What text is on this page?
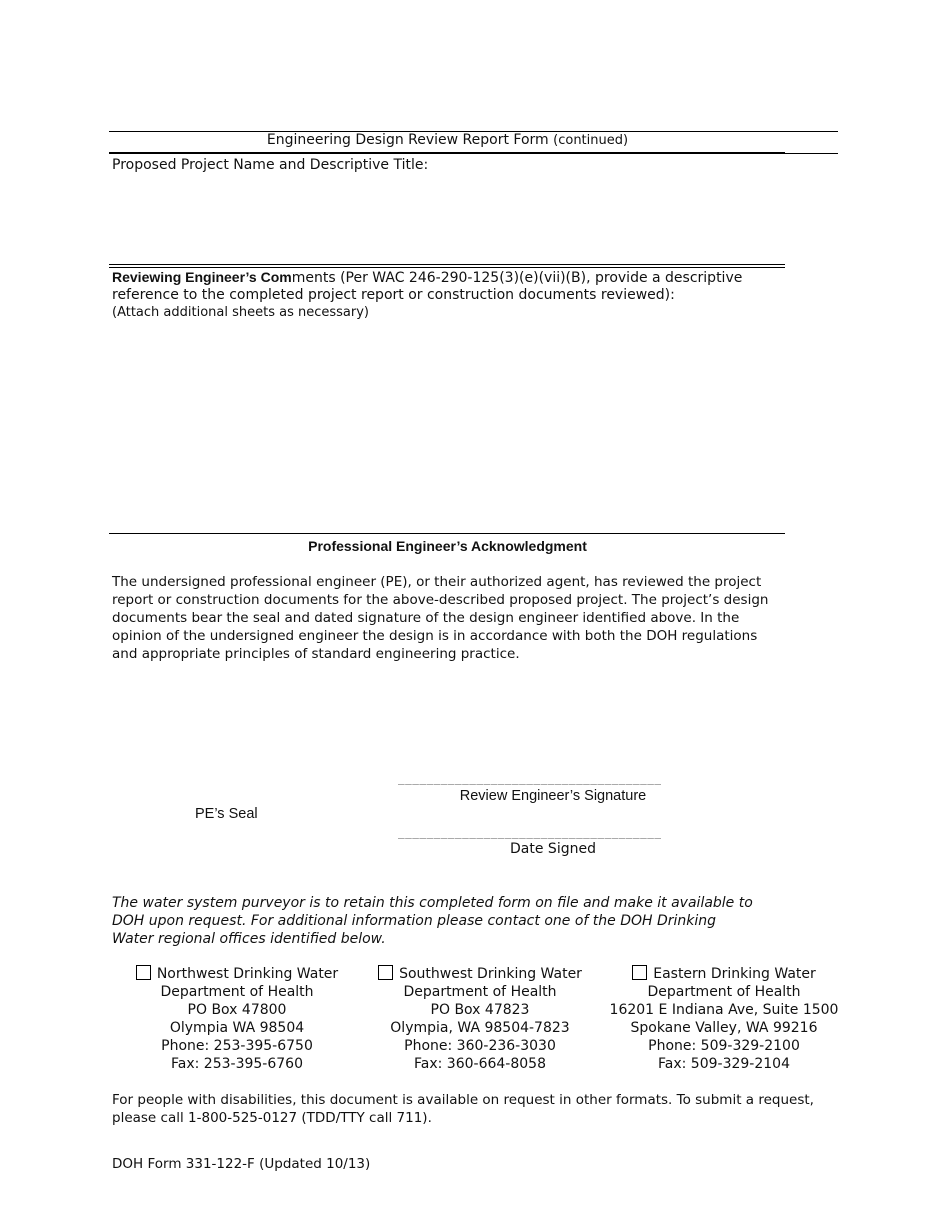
Engineering Design Review Report Form (continued)
Proposed Project Name and Descriptive Title:
Reviewing Engineer’s Comments (Per WAC 246-290-125(3)(e)(vii)(B), provide a descriptive
reference to the completed project report or construction documents reviewed):
(Attach additional sheets as necessary)
Professional Engineer’s Acknowledgment
The undersigned professional engineer (PE), or their authorized agent, has reviewed the project
report or construction documents for the above-described proposed project. The project’s design
documents bear the seal and dated signature of the design engineer identified above. In the
opinion of the undersigned engineer the design is in accordance with both the DOH regulations
and appropriate principles of standard engineering practice.
_____________________________________
Review Engineer’s Signature
PE’s Seal
_____________________________________
Date Signed
The water system purveyor is to retain this completed form on file and make it available to
DOH upon request. For additional information please contact one of the DOH Drinking
Water regional offices identified below.
Northwest Drinking Water
Department of Health
PO Box 47800
Olympia WA 98504
Phone: 253-395-6750
Fax: 253-395-6760
Southwest Drinking Water
Department of Health
PO Box 47823
Olympia, WA 98504-7823
Phone: 360-236-3030
Fax: 360-664-8058
Eastern Drinking Water
Department of Health
16201 E Indiana Ave, Suite 1500
Spokane Valley, WA 99216
Phone: 509-329-2100
Fax: 509-329-2104
For people with disabilities, this document is available on request in other formats. To submit a request,
please call 1-800-525-0127 (TDD/TTY call 711).
DOH Form 331-122-F (Updated 10/13)
